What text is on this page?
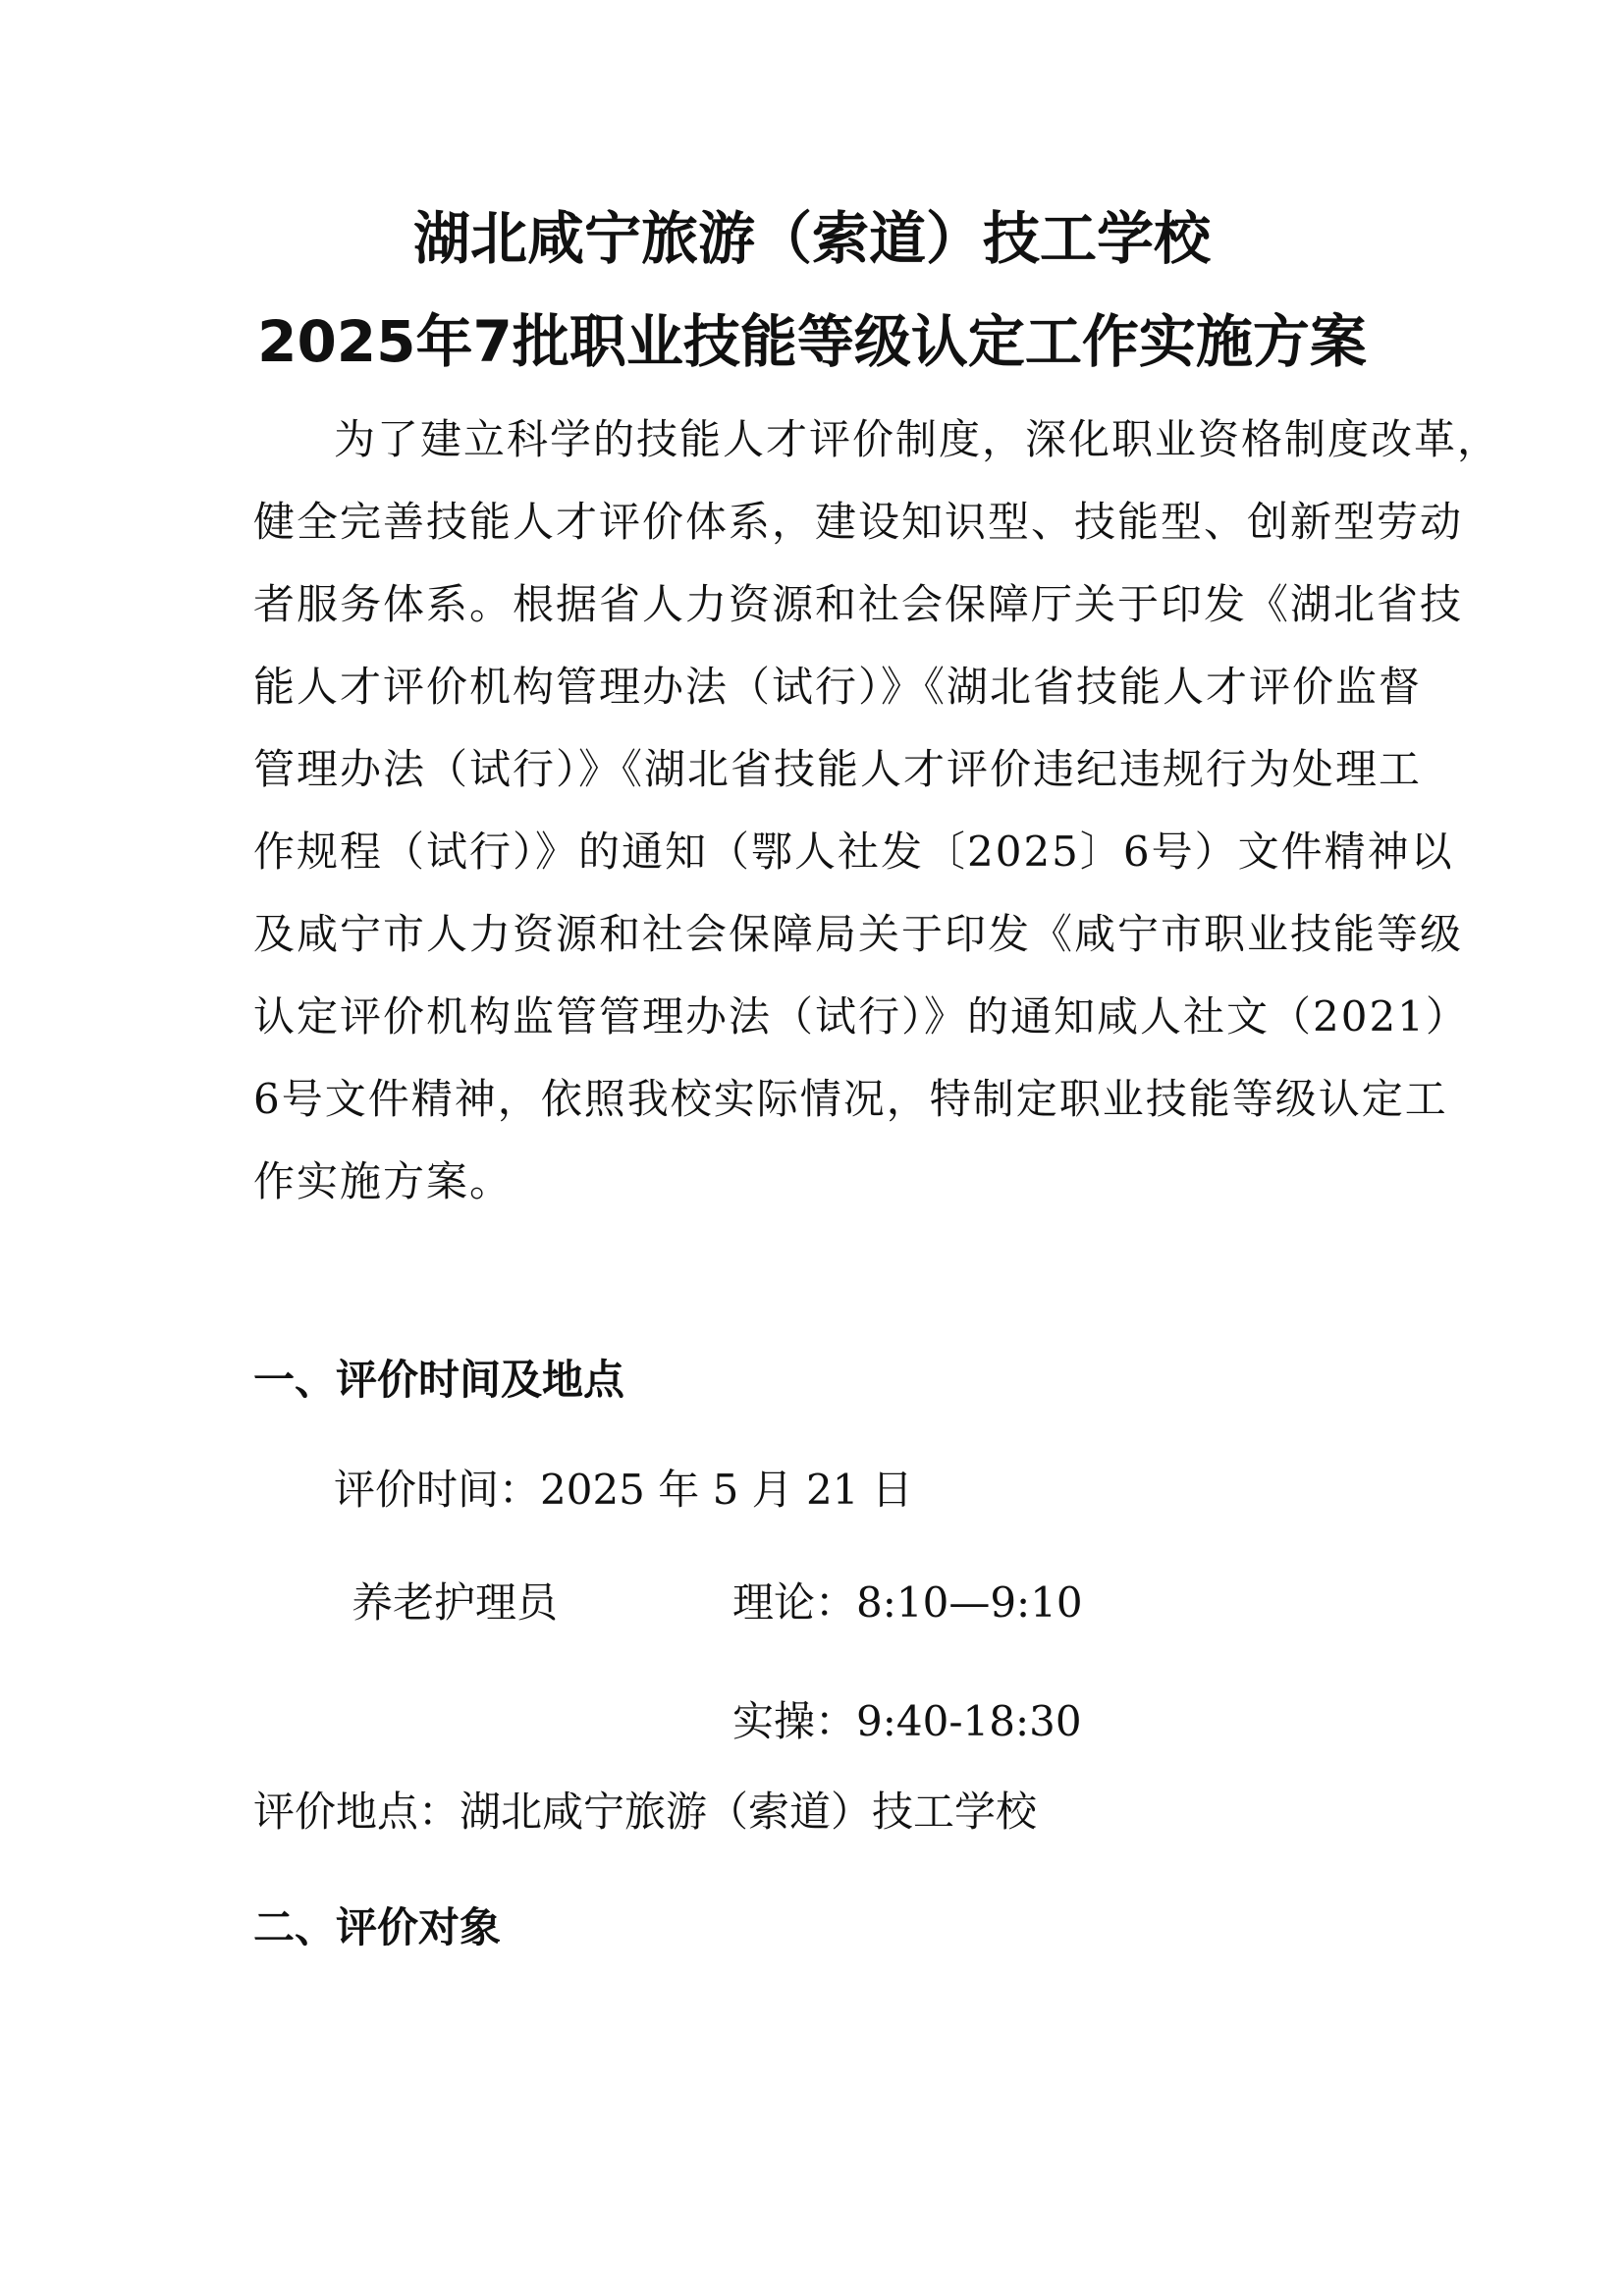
湖北咸宁旅游（索道）技工学校
2025年7批职业技能等级认定工作实施方案

为了建立科学的技能人才评价制度，深化职业资格制度改革，

健全完善技能人才评价体系，建设知识型、技能型、创新型劳动

者服务体系。根据省人力资源和社会保障厅关于印发《湖北省技

能人才评价机构管理办法（试行）》《湖北省技能人才评价监督

管理办法（试行）》《湖北省技能人才评价违纪违规行为处理工

作规程（试行）》的通知（鄂人社发〔2025〕6号）文件精神以

及咸宁市人力资源和社会保障局关于印发《咸宁市职业技能等级

认定评价机构监管管理办法（试行）》的通知咸人社文（2021）

6号文件精神，依照我校实际情况，特制定职业技能等级认定工

作实施方案。

一、评价时间及地点

评价时间：2025 年 5 月 21 日

养老护理员	理论：8:10—9:10

实操：9:40-18:30

评价地点：湖北咸宁旅游（索道）技工学校

二、评价对象
